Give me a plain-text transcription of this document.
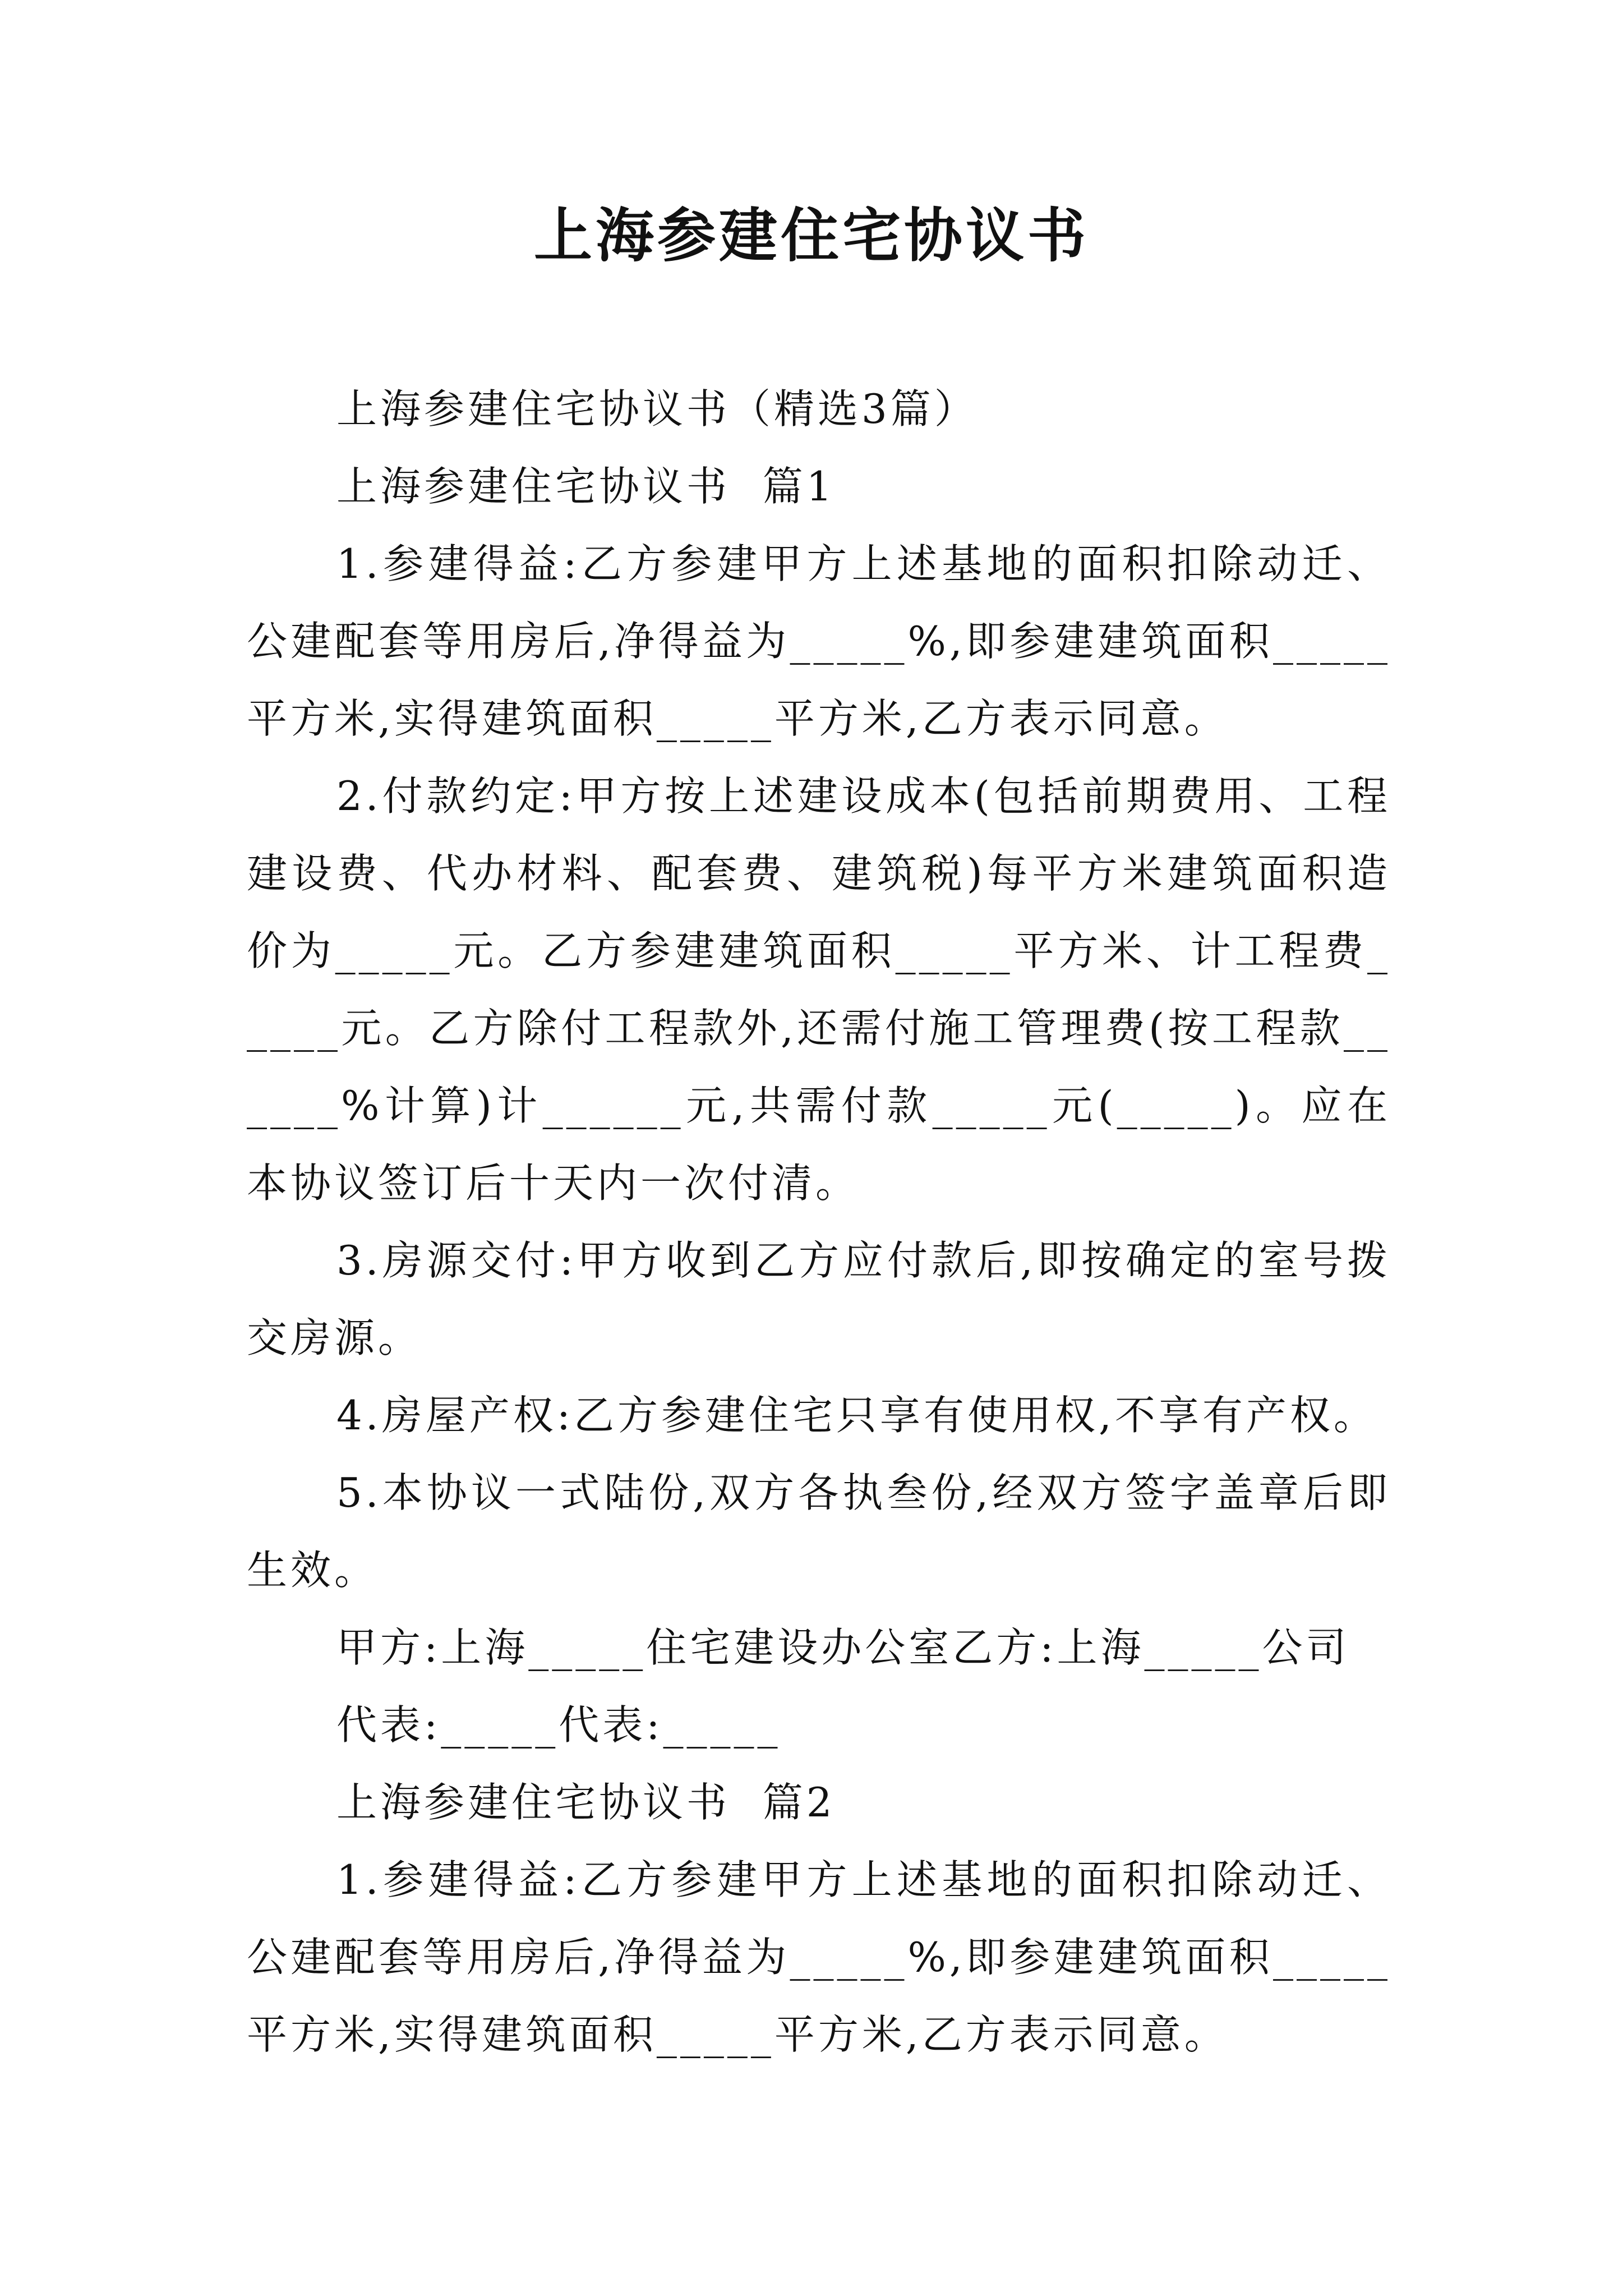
上海参建住宅协议书

上海参建住宅协议书（精选3篇）

上海参建住宅协议书  篇1

1.参建得益:乙方参建甲方上述基地的面积扣除动迁、公建配套等用房后,净得益为_____%,即参建建筑面积_____平方米,实得建筑面积_____平方米,乙方表示同意。

2.付款约定:甲方按上述建设成本(包括前期费用、工程建设费、代办材料、配套费、建筑税)每平方米建筑面积造价为_____元。乙方参建建筑面积_____平方米、计工程费_____元。乙方除付工程款外,还需付施工管理费(按工程款______%计算)计______元,共需付款_____元(_____)。应在本协议签订后十天内一次付清。

3.房源交付:甲方收到乙方应付款后,即按确定的室号拨交房源。

4.房屋产权:乙方参建住宅只享有使用权,不享有产权。

5.本协议一式陆份,双方各执叁份,经双方签字盖章后即生效。

甲方:上海_____住宅建设办公室乙方:上海_____公司

代表:_____代表:_____

上海参建住宅协议书  篇2

1.参建得益:乙方参建甲方上述基地的面积扣除动迁、公建配套等用房后,净得益为_____%,即参建建筑面积_____平方米,实得建筑面积_____平方米,乙方表示同意。
